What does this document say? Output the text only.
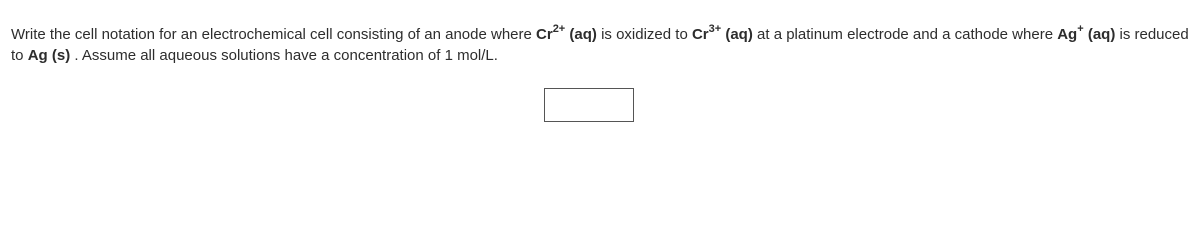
Write the cell notation for an electrochemical cell consisting of an anode where $Cr^{2+}$ (aq) is oxidized to $Cr^{3+}$ (aq) at a platinum electrode and a cathode where Ag+ (aq) is reduced to Ag (s) . Assume all aqueous solutions have a concentration of 1 mol/L.
